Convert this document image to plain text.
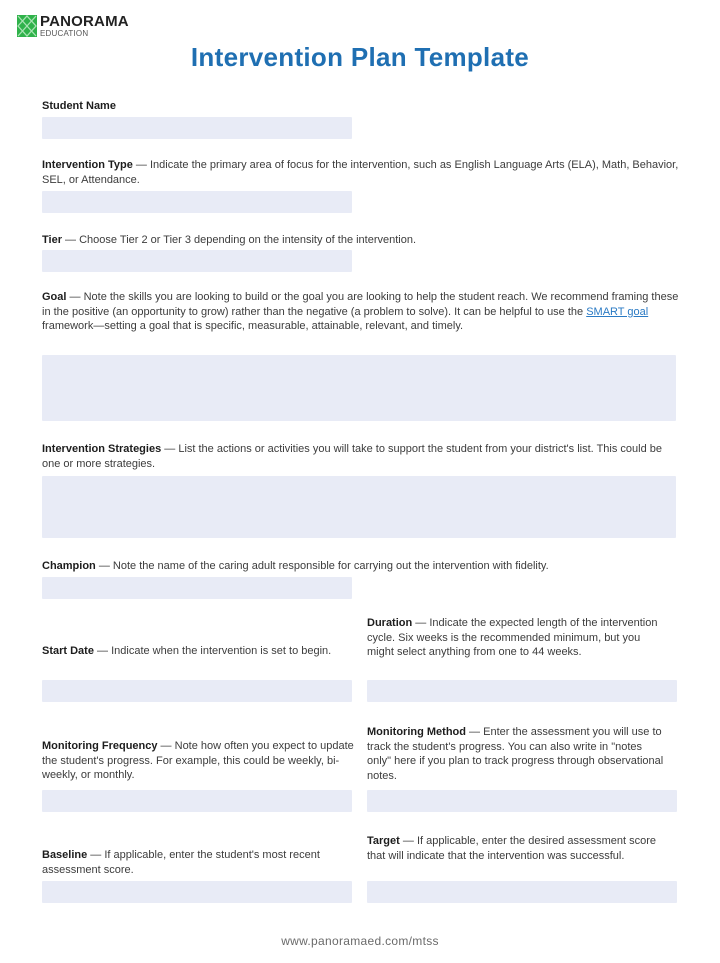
PANORAMA
EDUCATION
Intervention Plan Template
Student Name
Intervention Type — Indicate the primary area of focus for the intervention, such as English Language Arts (ELA), Math, Behavior, SEL, or Attendance.
Tier — Choose Tier 2 or Tier 3 depending on the intensity of the intervention.
Goal — Note the skills you are looking to build or the goal you are looking to help the student reach. We recommend framing these in the positive (an opportunity to grow) rather than the negative (a problem to solve). It can be helpful to use the SMART goal framework—setting a goal that is specific, measurable, attainable, relevant, and timely.
Intervention Strategies — List the actions or activities you will take to support the student from your district's list. This could be one or more strategies.
Champion — Note the name of the caring adult responsible for carrying out the intervention with fidelity.
Start Date — Indicate when the intervention is set to begin.
Duration — Indicate the expected length of the intervention cycle. Six weeks is the recommended minimum, but you might select anything from one to 44 weeks.
Monitoring Frequency — Note how often you expect to update the student's progress. For example, this could be weekly, bi-weekly, or monthly.
Monitoring Method — Enter the assessment you will use to track the student's progress. You can also write in "notes only" here if you plan to track progress through observational notes.
Baseline — If applicable, enter the student's most recent assessment score.
Target — If applicable, enter the desired assessment score that will indicate that the intervention was successful.
www.panoramaed.com/mtss
